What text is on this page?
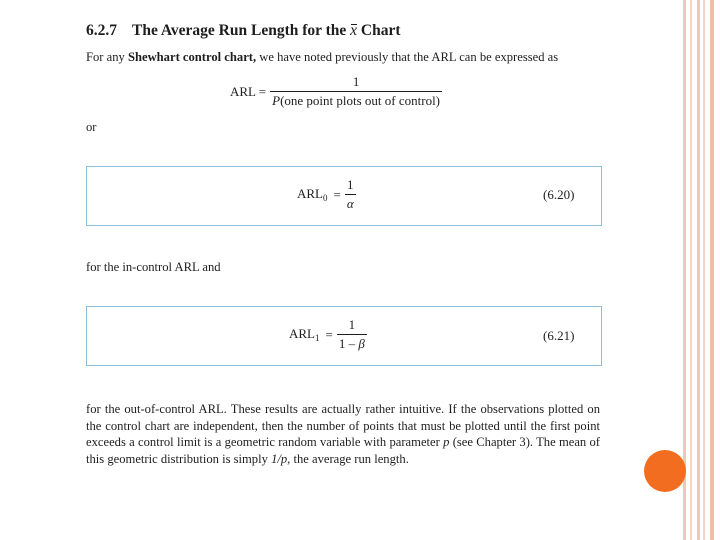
6.2.7 The Average Run Length for the x Chart
For any Shewhart control chart, we have noted previously that the ARL can be expressed as
ARL = $\frac{1}{\text{P(one point plots out of control)}}$
or
$ARL_0 = \frac{1}{\alpha}$	(6.20)
for the in-control ARL and
$ARL_1 = \frac{1}{1 - \beta}$	(6.21)
for the out-of-control ARL. These results are actually rather intuitive. If the observations plotted on the control chart are independent, then the number of points that must be plotted until the first point exceeds a control limit is a geometric random variable with parameter p (see Chapter 3). The mean of this geometric distribution is simply 1/p, the average run length.
